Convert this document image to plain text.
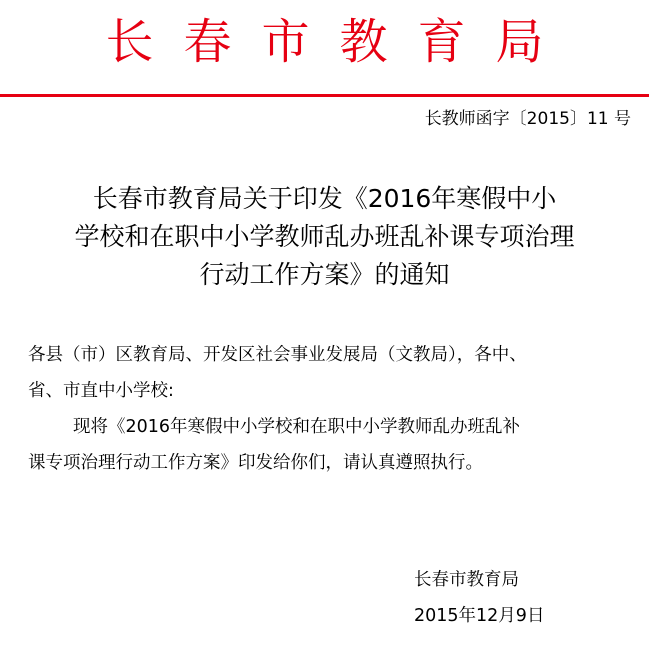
长春市教育局
长教师函字〔2015〕11 号
长春市教育局关于印发《2016年寒假中小
学校和在职中小学教师乱办班乱补课专项治理
行动工作方案》的通知
各县（市）区教育局、开发区社会事业发展局（文教局），各中、
省、市直中小学校:
现将《2016年寒假中小学校和在职中小学教师乱办班乱补
课专项治理行动工作方案》印发给你们，请认真遵照执行。
长春市教育局
2015年12月9日
